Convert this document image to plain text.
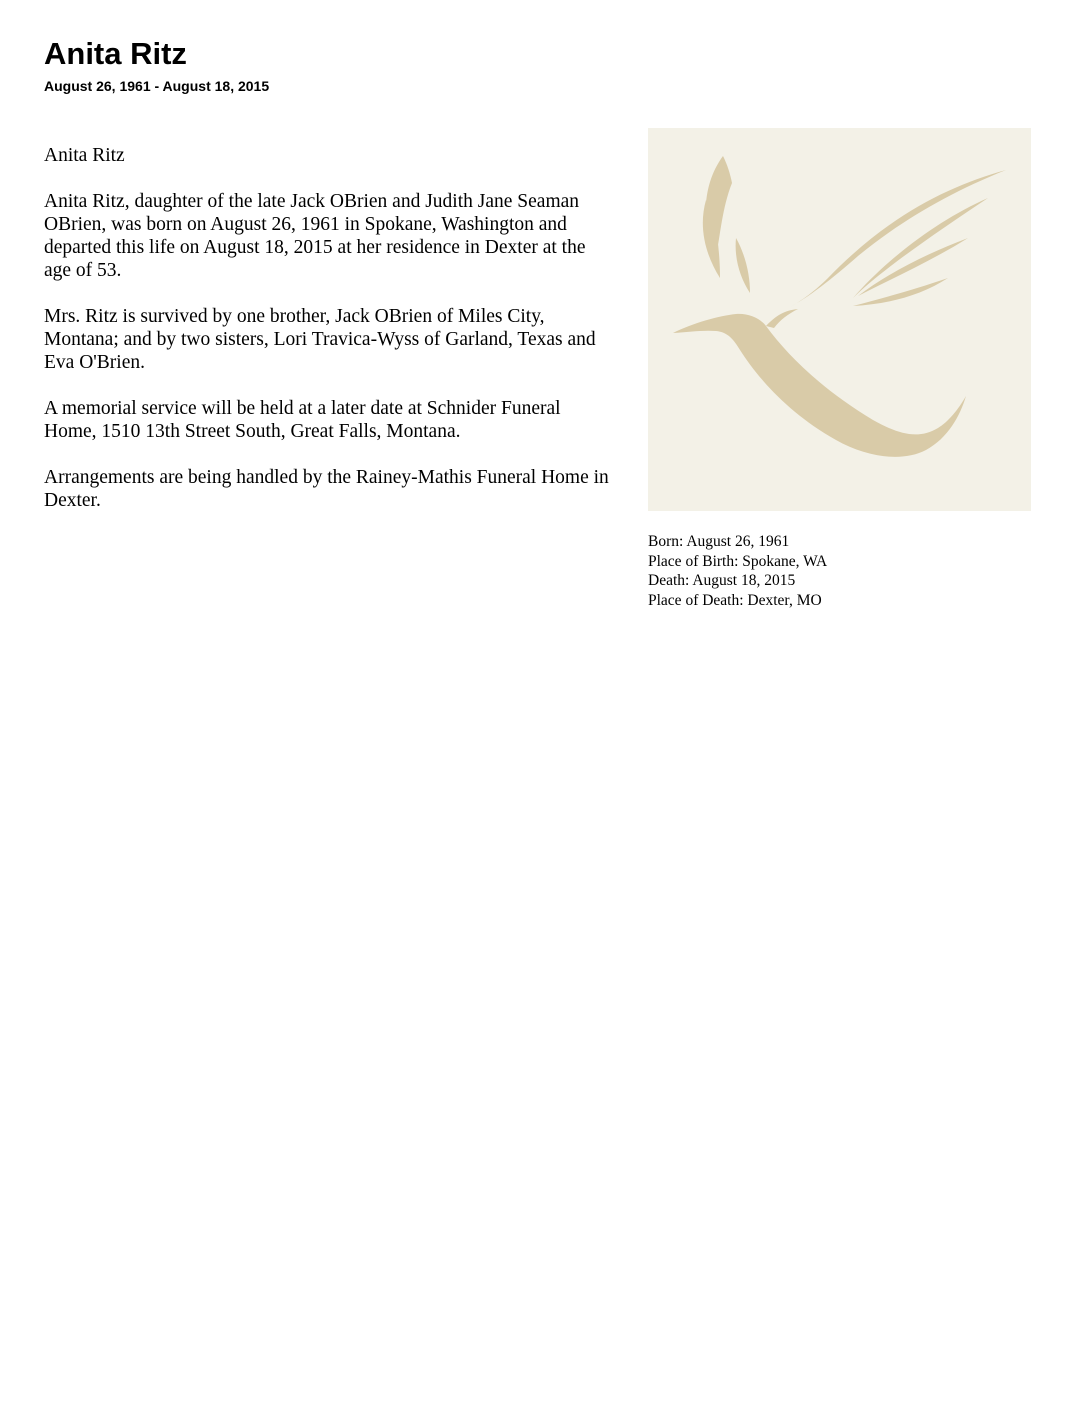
Anita Ritz
August 26, 1961 - August 18, 2015

Anita Ritz

Anita Ritz, daughter of the late Jack OBrien and Judith Jane Seaman OBrien, was born on August 26, 1961 in Spokane, Washington and departed this life on August 18, 2015 at her residence in Dexter at the age of 53.

Mrs. Ritz is survived by one brother, Jack OBrien of Miles City, Montana; and by two sisters, Lori Travica-Wyss of Garland, Texas and Eva O'Brien.

A memorial service will be held at a later date at Schnider Funeral Home, 1510 13th Street South, Great Falls, Montana.

Arrangements are being handled by the Rainey-Mathis Funeral Home in Dexter.

Born: August 26, 1961
Place of Birth: Spokane, WA
Death: August 18, 2015
Place of Death: Dexter, MO
